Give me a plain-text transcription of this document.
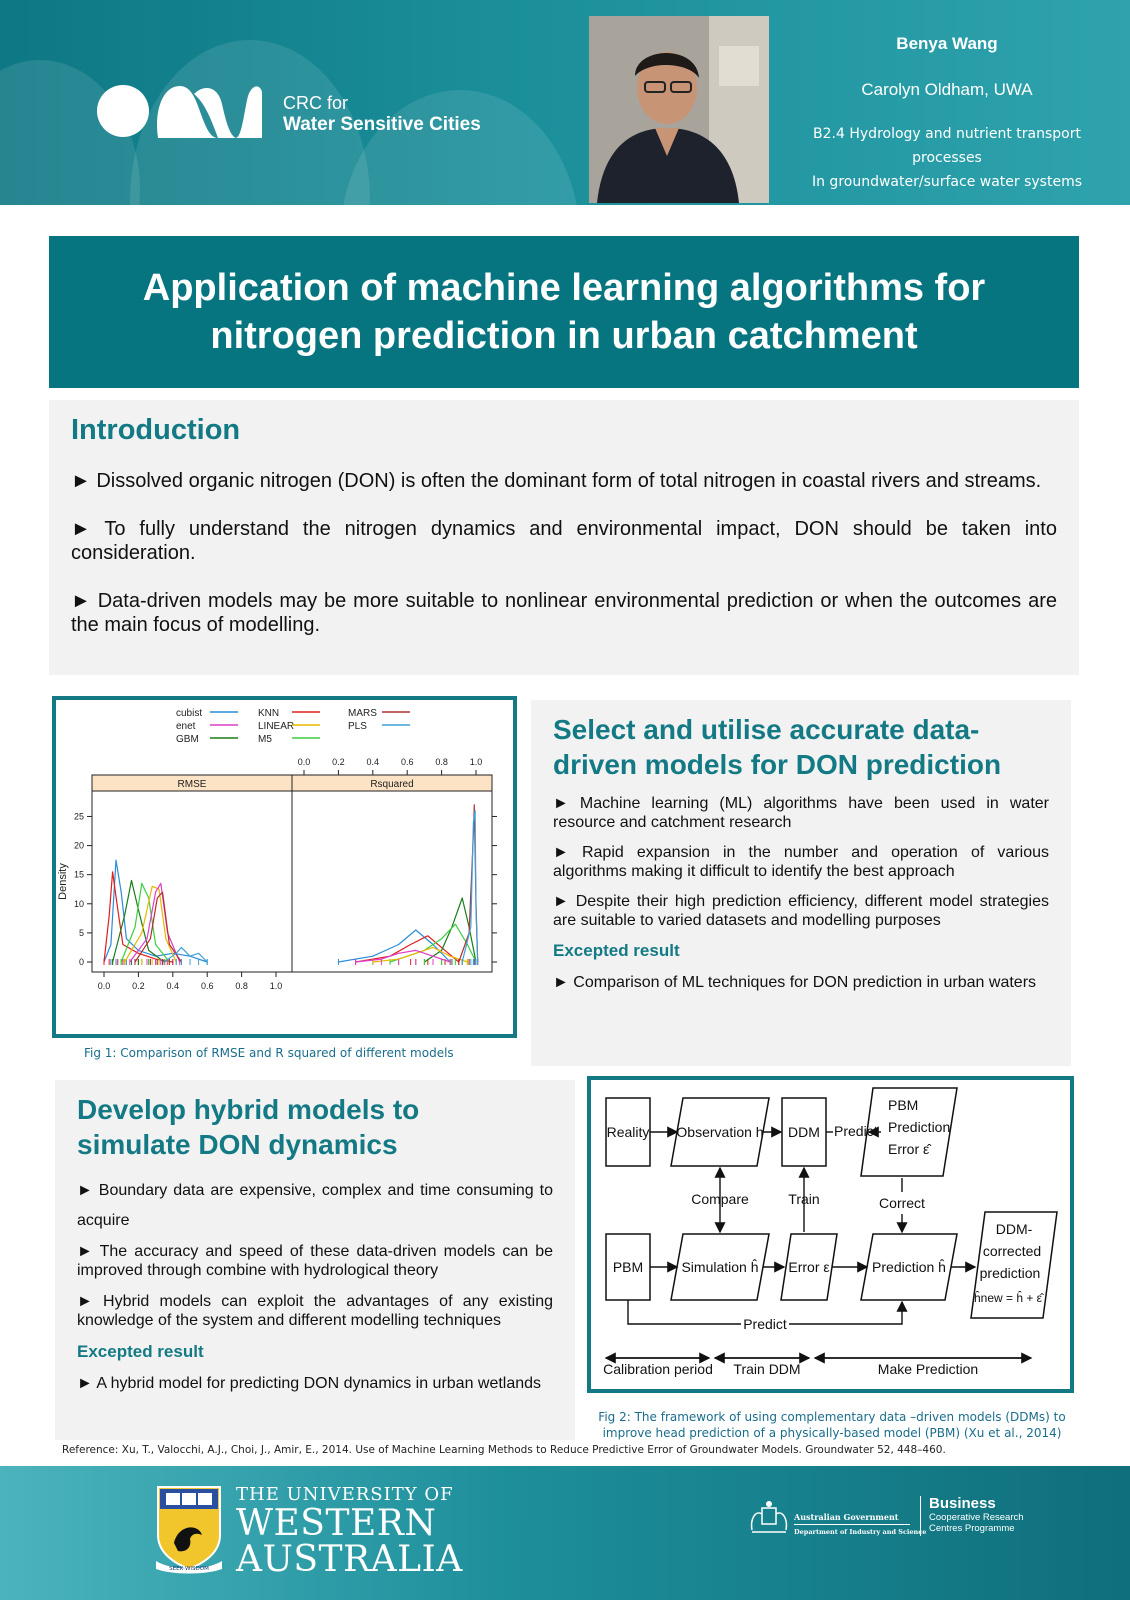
CRC for
Water Sensitive Cities
Benya Wang
Carolyn Oldham, UWA
B2.4 Hydrology and nutrient transport processes
In groundwater/surface water systems
Application of machine learning algorithms for
nitrogen prediction in urban catchment
Introduction

► Dissolved organic nitrogen (DON) is often the dominant form of total nitrogen in coastal rivers and streams.

► To fully understand the nitrogen dynamics and environmental impact, DON should be taken into consideration.

► Data-driven models may be more suitable to nonlinear environmental prediction or when the outcomes are the main focus of modelling.

cubist
enet
GBM
KNN
LINEAR
M5
MARS
PLS
RMSE	Rsquared
0.0
0.0
0.2
0.2
0.4
0.4
0.6
0.6
0.8
0.8
1.0
1.0
0
5
10
15
20
25
Density
Fig 1: Comparison of RMSE and R squared of different models
Select and utilise accurate data-driven models for DON prediction
► Machine learning (ML) algorithms have been used in water resource and catchment research
► Rapid expansion in the number and operation of various algorithms making it difficult to identify the best approach
► Despite their high prediction efficiency, different model strategies are suitable to varied datasets and modelling purposes
Excepted result
► Comparison of ML techniques for DON prediction in urban waters
Develop hybrid models to
simulate DON dynamics
► Boundary data are expensive, complex and time consuming to acquire
► The accuracy and speed of these data-driven models can be improved through combine with hydrological theory
► Hybrid models can exploit the advantages of any existing knowledge of the system and different modelling techniques
Excepted result
► A hybrid model for predicting DON dynamics in urban wetlands
Reality Observation h DDM
PBM
Prediction
Error ε̂
Compare	Train	Correct
Predict
PBM	Simulation ĥ Error ε	Prediction ĥ
DDM-
corrected
prediction
ĥnew = ĥ + ε̂
Predict
Calibration period Train DDM	Make Prediction
Fig 2: The framework of using complementary data –driven models (DDMs) to
improve head prediction of a physically-based model (PBM) (Xu et al., 2014)
Reference: Xu, T., Valocchi, A.J., Choi, J., Amir, E., 2014. Use of Machine Learning Methods to Reduce Predictive Error of Groundwater Models. Groundwater 52, 448–460.
SEEK WISDOM
THE UNIVERSITY OF
WESTERN
AUSTRALIA
Australian Government
Department of Industry and Science
Business
Cooperative Research
Centres Programme
